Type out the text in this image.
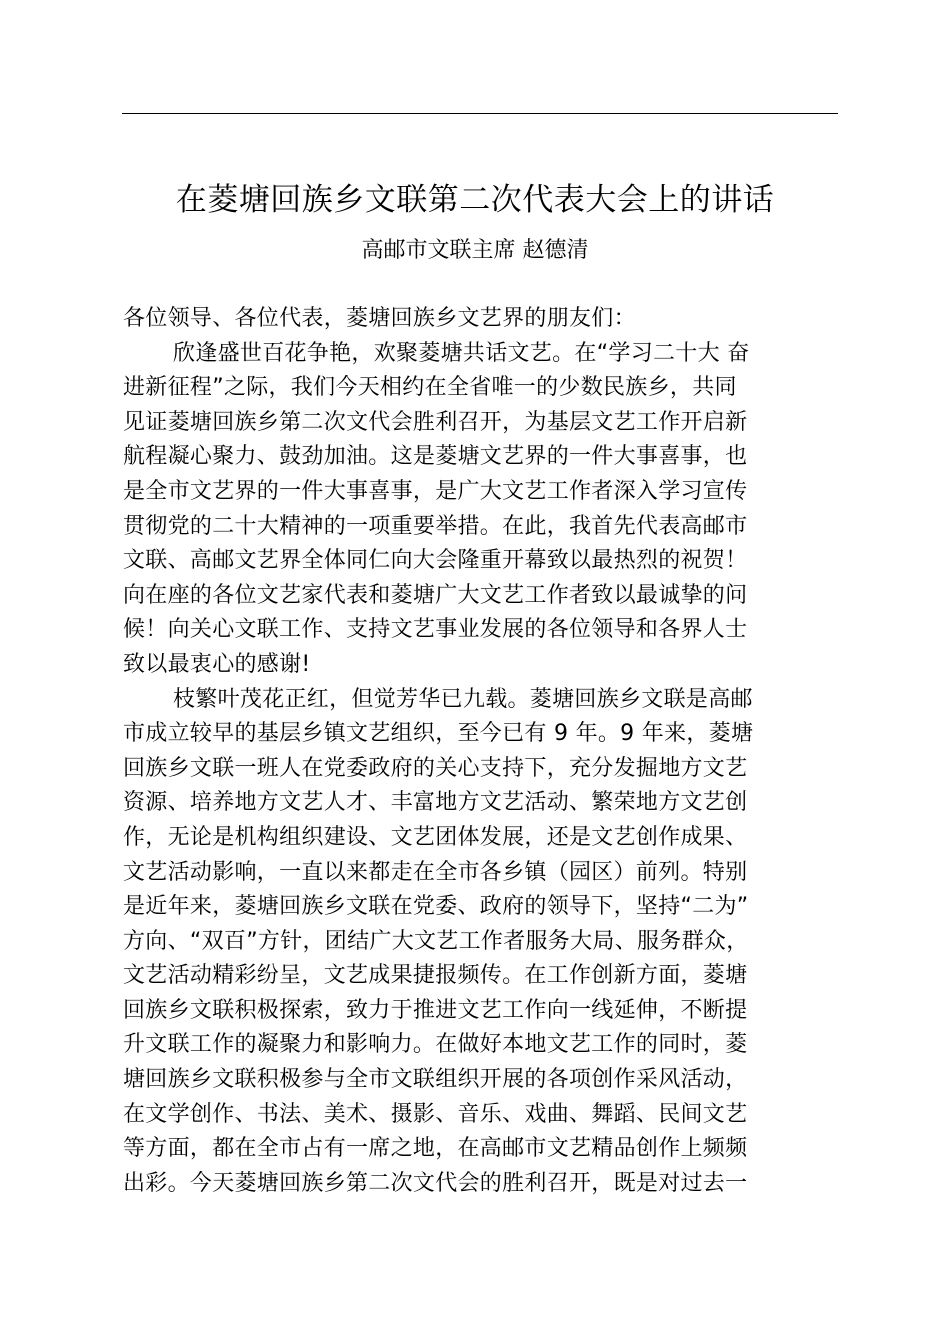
在菱塘回族乡文联第二次代表大会上的讲话
高邮市文联主席 赵德清
各位领导、各位代表，菱塘回族乡文艺界的朋友们：
欣逢盛世百花争艳，欢聚菱塘共话文艺。在“学习二十大 奋
进新征程”之际，我们今天相约在全省唯一的少数民族乡，共同
见证菱塘回族乡第二次文代会胜利召开，为基层文艺工作开启新
航程凝心聚力、鼓劲加油。这是菱塘文艺界的一件大事喜事，也
是全市文艺界的一件大事喜事，是广大文艺工作者深入学习宣传
贯彻党的二十大精神的一项重要举措。在此，我首先代表高邮市
文联、高邮文艺界全体同仁向大会隆重开幕致以最热烈的祝贺！
向在座的各位文艺家代表和菱塘广大文艺工作者致以最诚挚的问
候！向关心文联工作、支持文艺事业发展的各位领导和各界人士
致以最衷心的感谢!
枝繁叶茂花正红，但觉芳华已九载。菱塘回族乡文联是高邮
市成立较早的基层乡镇文艺组织，至今已有 9 年。9 年来，菱塘
回族乡文联一班人在党委政府的关心支持下，充分发掘地方文艺
资源、培养地方文艺人才、丰富地方文艺活动、繁荣地方文艺创
作，无论是机构组织建设、文艺团体发展，还是文艺创作成果、
文艺活动影响，一直以来都走在全市各乡镇（园区）前列。特别
是近年来，菱塘回族乡文联在党委、政府的领导下，坚持“二为”
方向、“双百”方针，团结广大文艺工作者服务大局、服务群众，
文艺活动精彩纷呈，文艺成果捷报频传。在工作创新方面，菱塘
回族乡文联积极探索，致力于推进文艺工作向一线延伸，不断提
升文联工作的凝聚力和影响力。在做好本地文艺工作的同时，菱
塘回族乡文联积极参与全市文联组织开展的各项创作采风活动，
在文学创作、书法、美术、摄影、音乐、戏曲、舞蹈、民间文艺
等方面，都在全市占有一席之地，在高邮市文艺精品创作上频频
出彩。今天菱塘回族乡第二次文代会的胜利召开，既是对过去一
